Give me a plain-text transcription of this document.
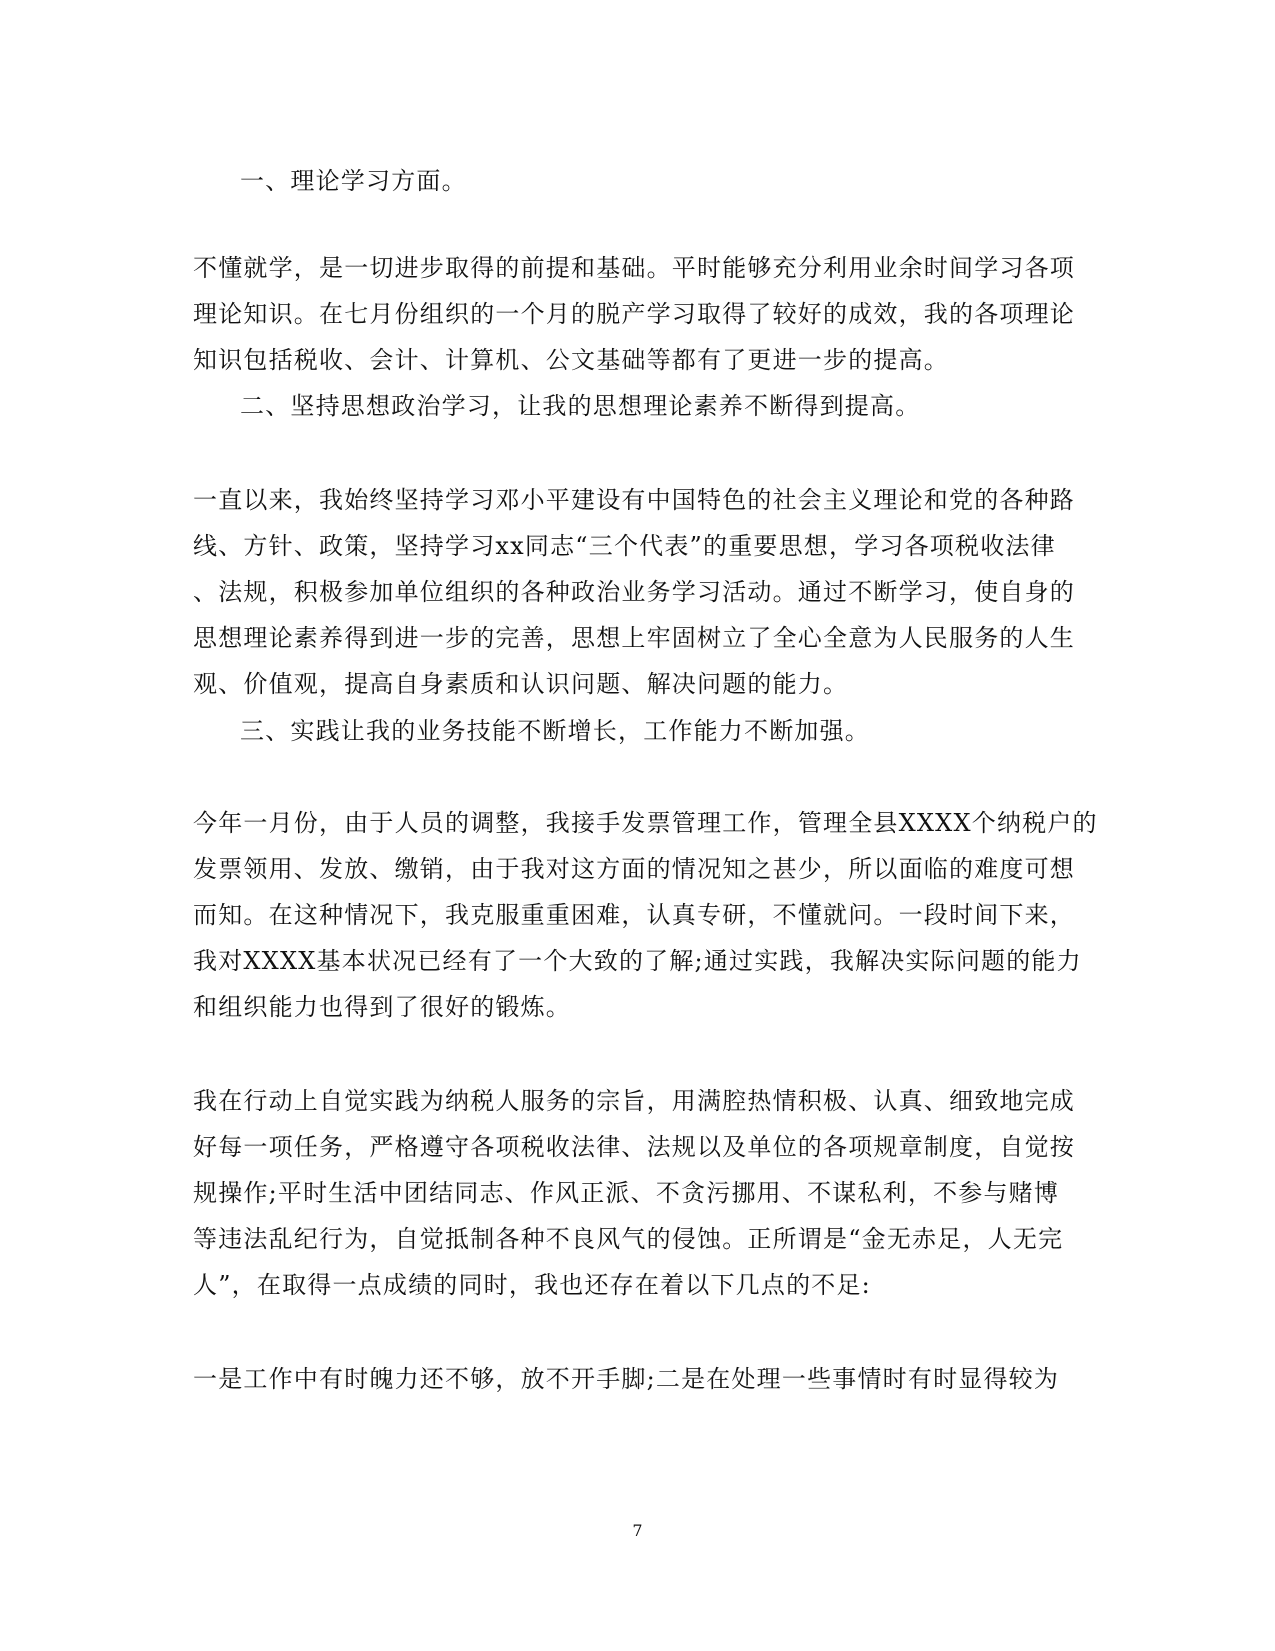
一、理论学习方面。
不懂就学，是一切进步取得的前提和基础。平时能够充分利用业余时间学习各项
理论知识。在七月份组织的一个月的脱产学习取得了较好的成效，我的各项理论
知识包括税收、会计、计算机、公文基础等都有了更进一步的提高。
二、坚持思想政治学习，让我的思想理论素养不断得到提高。
一直以来，我始终坚持学习邓小平建设有中国特色的社会主义理论和党的各种路
线、方针、政策，坚持学习xx同志“三个代表”的重要思想，学习各项税收法律
、法规，积极参加单位组织的各种政治业务学习活动。通过不断学习，使自身的
思想理论素养得到进一步的完善，思想上牢固树立了全心全意为人民服务的人生
观、价值观，提高自身素质和认识问题、解决问题的能力。
三、实践让我的业务技能不断增长，工作能力不断加强。
今年一月份，由于人员的调整，我接手发票管理工作，管理全县XXXX个纳税户的
发票领用、发放、缴销，由于我对这方面的情况知之甚少，所以面临的难度可想
而知。在这种情况下，我克服重重困难，认真专研，不懂就问。一段时间下来，
我对XXXX基本状况已经有了一个大致的了解;通过实践，我解决实际问题的能力
和组织能力也得到了很好的锻炼。
我在行动上自觉实践为纳税人服务的宗旨，用满腔热情积极、认真、细致地完成
好每一项任务，严格遵守各项税收法律、法规以及单位的各项规章制度，自觉按
规操作;平时生活中团结同志、作风正派、不贪污挪用、不谋私利，不参与赌博
等违法乱纪行为，自觉抵制各种不良风气的侵蚀。正所谓是“金无赤足，人无完
人”，在取得一点成绩的同时，我也还存在着以下几点的不足:
一是工作中有时魄力还不够，放不开手脚;二是在处理一些事情时有时显得较为
7
